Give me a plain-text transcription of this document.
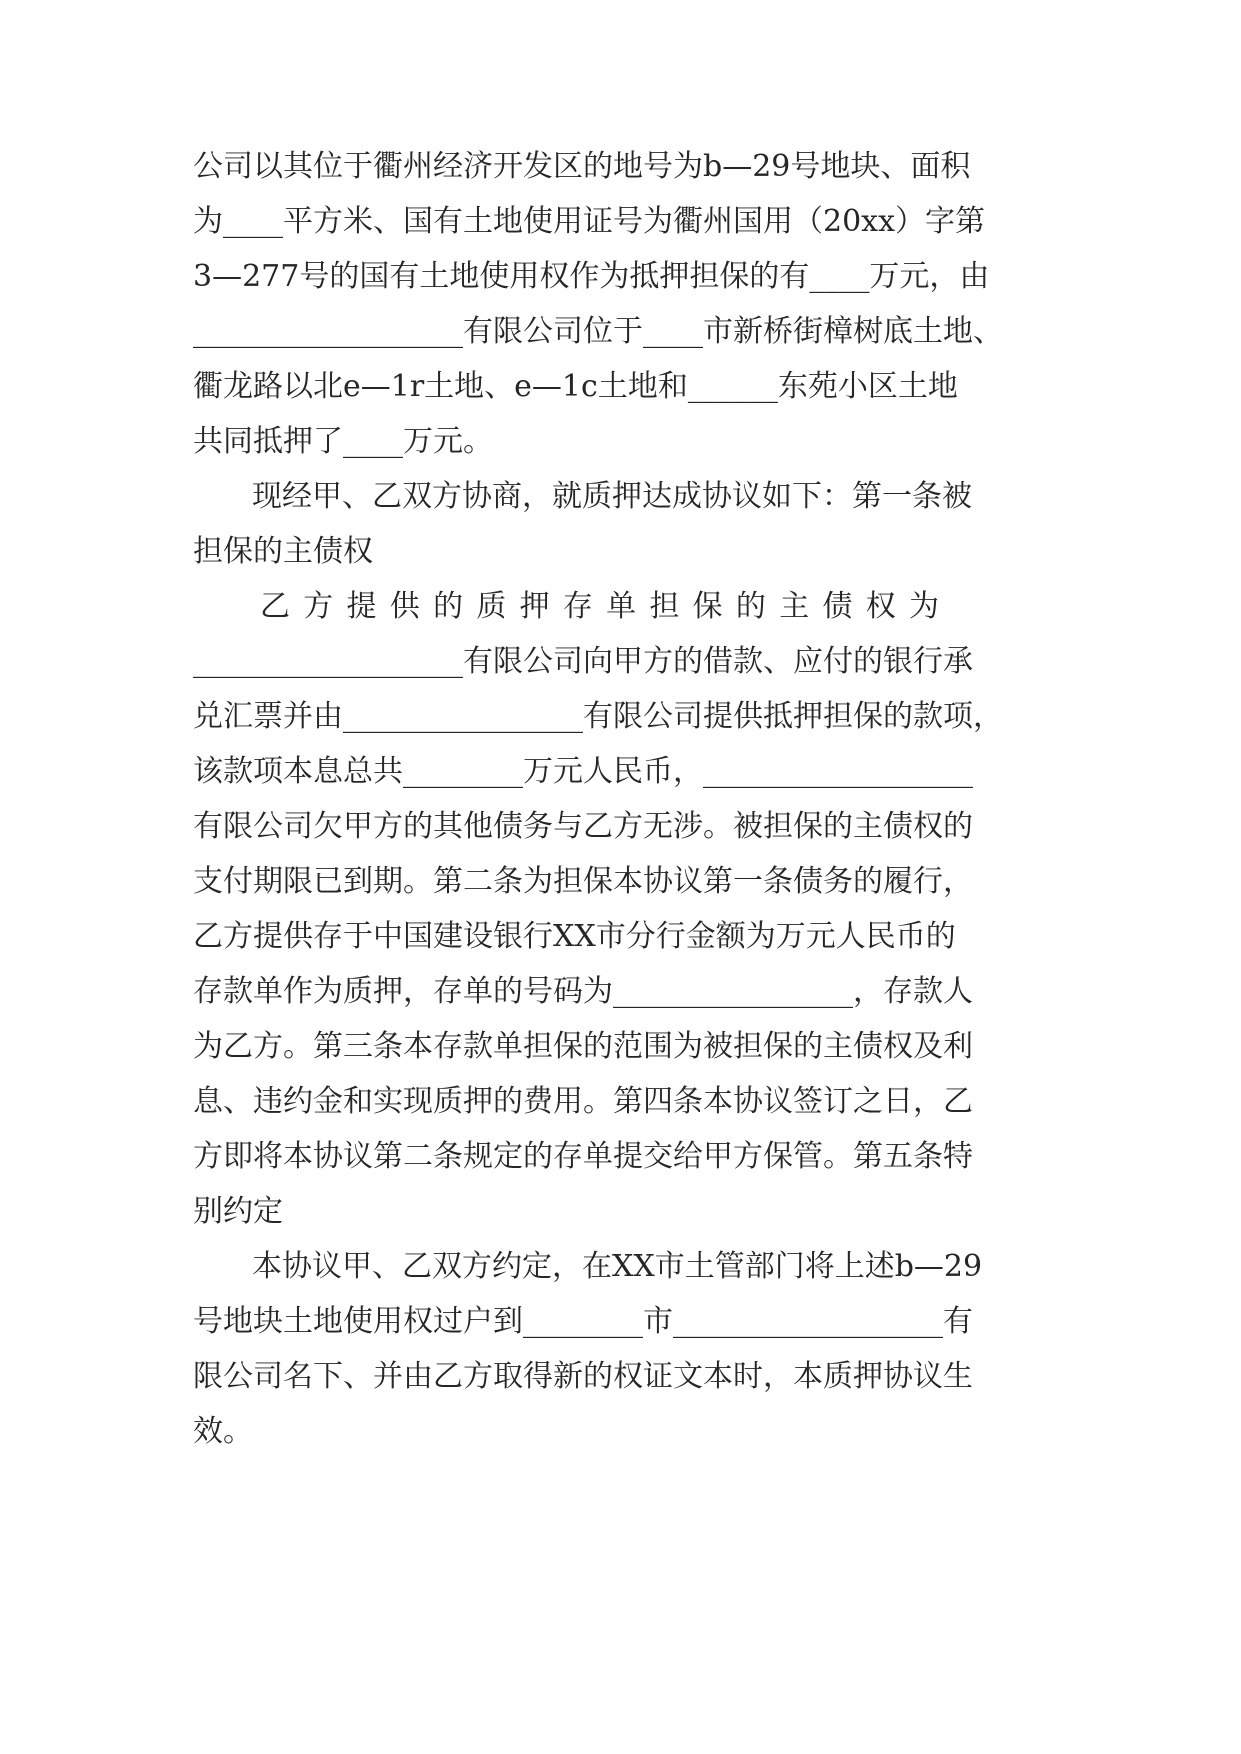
公司以其位于衢州经济开发区的地号为b—29号地块、面积
为____平方米、国有土地使用证号为衢州国用（20xx）字第
3—277号的国有土地使用权作为抵押担保的有____万元，由
__________________有限公司位于____市新桥街樟树底土地、
衢龙路以北e—1r土地、e—1c土地和______东苑小区土地
共同抵押了____万元。
现经甲、乙双方协商，就质押达成协议如下：第一条被
担保的主债权
乙方提供的质押存单担保的主债权为
__________________有限公司向甲方的借款、应付的银行承
兑汇票并由________________有限公司提供抵押担保的款项，
该款项本息总共________万元人民币，__________________
有限公司欠甲方的其他债务与乙方无涉。被担保的主债权的
支付期限已到期。第二条为担保本协议第一条债务的履行，
乙方提供存于中国建设银行XX市分行金额为万元人民币的
存款单作为质押，存单的号码为________________，存款人
为乙方。第三条本存款单担保的范围为被担保的主债权及利
息、违约金和实现质押的费用。第四条本协议签订之日，乙
方即将本协议第二条规定的存单提交给甲方保管。第五条特
别约定
本协议甲、乙双方约定，在XX市土管部门将上述b—29
号地块土地使用权过户到________市__________________有
限公司名下、并由乙方取得新的权证文本时，本质押协议生
效。
